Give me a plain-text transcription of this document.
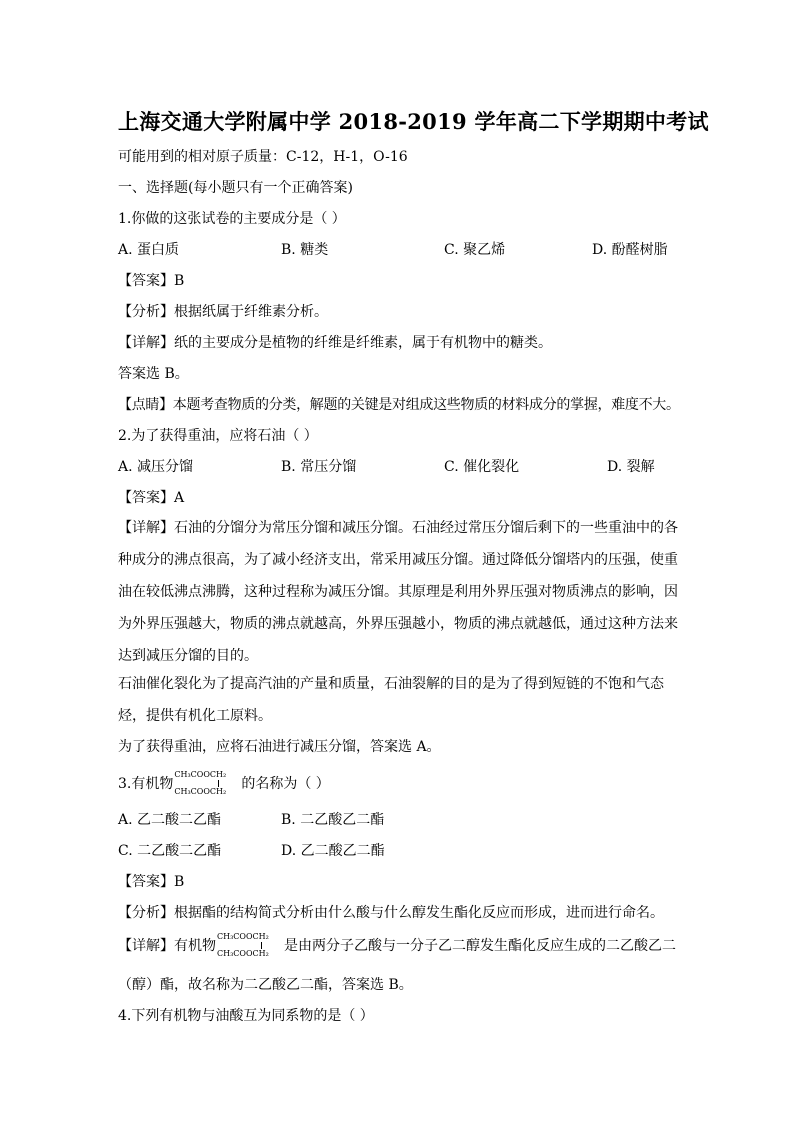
上海交通大学附属中学 2018-2019 学年高二下学期期中考试
可能用到的相对原子质量：C-12，H-1，O-16
一、选择题(每小题只有一个正确答案)
1.你做的这张试卷的主要成分是（ ）
A. 蛋白质	B. 糖类	C. 聚乙烯	D. 酚醛树脂
【答案】B
【分析】根据纸属于纤维素分析。
【详解】纸的主要成分是植物的纤维是纤维素，属于有机物中的糖类。
答案选 B。
【点睛】本题考查物质的分类，解题的关键是对组成这些物质的材料成分的掌握，难度不大。
2.为了获得重油，应将石油（ ）
A. 减压分馏	B. 常压分馏	C. 催化裂化	D. 裂解
【答案】A
【详解】石油的分馏分为常压分馏和减压分馏。石油经过常压分馏后剩下的一些重油中的各种成分的沸点很高，为了减小经济支出，常采用减压分馏。通过降低分馏塔内的压强，使重油在较低沸点沸腾，这种过程称为减压分馏。其原理是利用外界压强对物质沸点的影响，因为外界压强越大，物质的沸点就越高，外界压强越小，物质的沸点就越低，通过这种方法来达到减压分馏的目的。
石油催化裂化为了提高汽油的产量和质量，石油裂解的目的是为了得到短链的不饱和气态烃，提供有机化工原料。
为了获得重油，应将石油进行减压分馏，答案选 A。
3.有机物
CH₃COOCH₂
CH₃COOCH₂ 的名称为（ ）
A. 乙二酸二乙酯	B. 二乙酸乙二酯
C. 二乙酸二乙酯	D. 乙二酸乙二酯
【答案】B
【分析】根据酯的结构简式分析由什么酸与什么醇发生酯化反应而形成，进而进行命名。
【详解】有机物
CH₃COOCH₂
CH₃COOCH₂ 是由两分子乙酸与一分子乙二醇发生酯化反应生成的二乙酸乙二
（醇）酯，故名称为二乙酸乙二酯，答案选 B。
4.下列有机物与油酸互为同系物的是（ ）
